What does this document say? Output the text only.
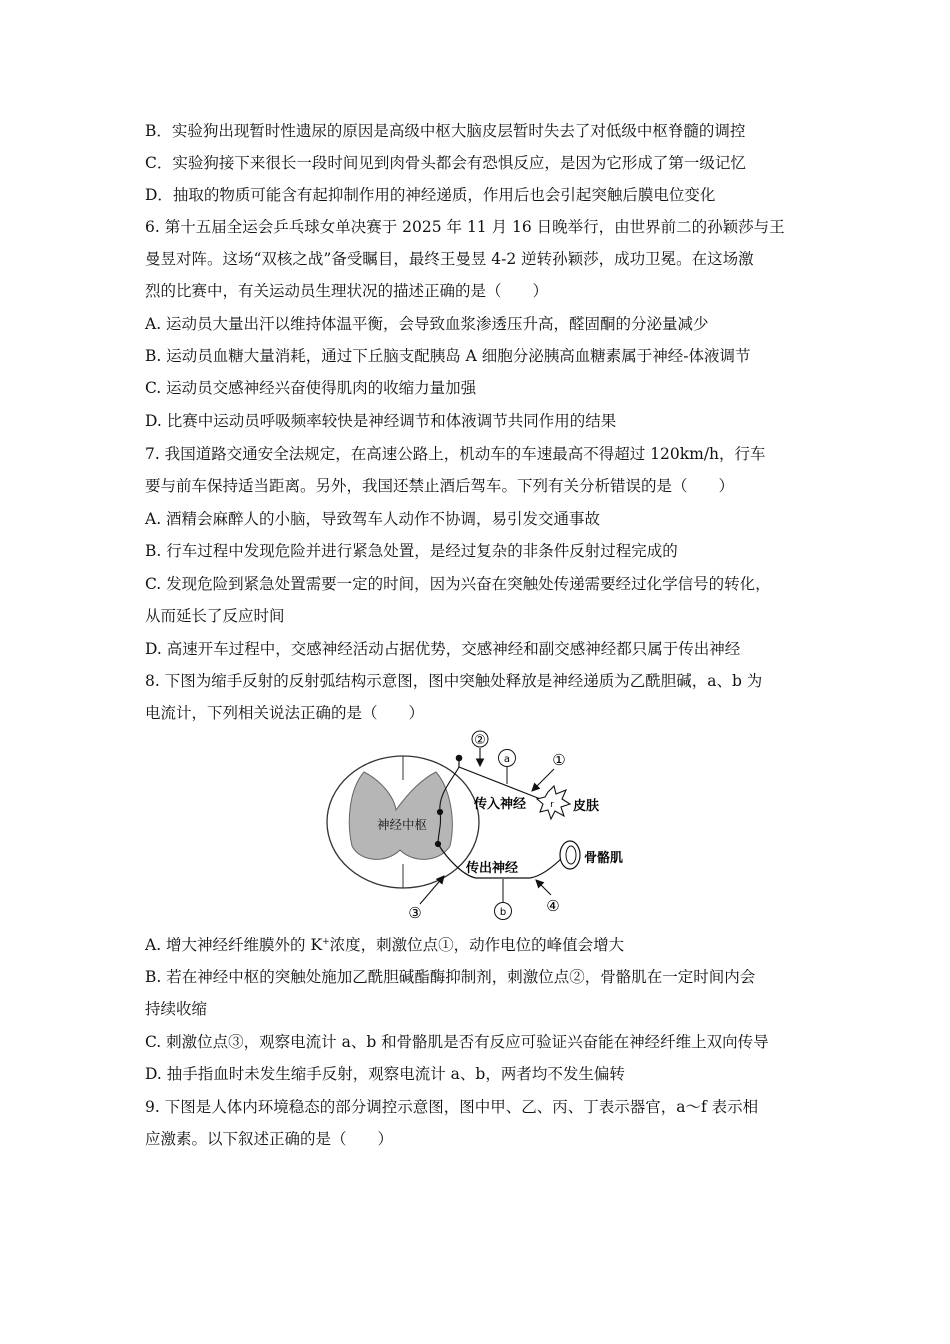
B．实验狗出现暂时性遗尿的原因是高级中枢大脑皮层暂时失去了对低级中枢脊髓的调控
C．实验狗接下来很长一段时间见到肉骨头都会有恐惧反应，是因为它形成了第一级记忆
D．抽取的物质可能含有起抑制作用的神经递质，作用后也会引起突触后膜电位变化
6. 第十五届全运会乒乓球女单决赛于 2025 年 11 月 16 日晚举行，由世界前二的孙颖莎与王
曼昱对阵。这场“双核之战”备受瞩目，最终王曼昱 4-2 逆转孙颖莎，成功卫冕。在这场激
烈的比赛中，有关运动员生理状况的描述正确的是（　　）
A. 运动员大量出汗以维持体温平衡，会导致血浆渗透压升高，醛固酮的分泌量减少
B. 运动员血糖大量消耗，通过下丘脑支配胰岛 A 细胞分泌胰高血糖素属于神经-体液调节
C. 运动员交感神经兴奋使得肌肉的收缩力量加强
D. 比赛中运动员呼吸频率较快是神经调节和体液调节共同作用的结果
7. 我国道路交通安全法规定，在高速公路上，机动车的车速最高不得超过 120km/h，行车
要与前车保持适当距离。另外，我国还禁止酒后驾车。下列有关分析错误的是（　　）
A. 酒精会麻醉人的小脑，导致驾车人动作不协调，易引发交通事故
B. 行车过程中发现危险并进行紧急处置，是经过复杂的非条件反射过程完成的
C. 发现危险到紧急处置需要一定的时间，因为兴奋在突触处传递需要经过化学信号的转化，
从而延长了反应时间
D. 高速开车过程中，交感神经活动占据优势，交感神经和副交感神经都只属于传出神经
8. 下图为缩手反射的反射弧结构示意图，图中突触处释放是神经递质为乙酰胆碱，a、b 为
电流计，下列相关说法正确的是（　　）
神经中枢
r 皮肤
骨骼肌
传入神经
传出神经
a
b
②
①
③	④
A. 增大神经纤维膜外的 K+浓度，刺激位点①，动作电位的峰值会增大
B. 若在神经中枢的突触处施加乙酰胆碱酯酶抑制剂，刺激位点②，骨骼肌在一定时间内会
持续收缩
C. 刺激位点③，观察电流计 a、b 和骨骼肌是否有反应可验证兴奋能在神经纤维上双向传导
D. 抽手指血时未发生缩手反射，观察电流计 a、b，两者均不发生偏转
9. 下图是人体内环境稳态的部分调控示意图，图中甲、乙、丙、丁表示器官，a～f 表示相
应激素。以下叙述正确的是（　　）
